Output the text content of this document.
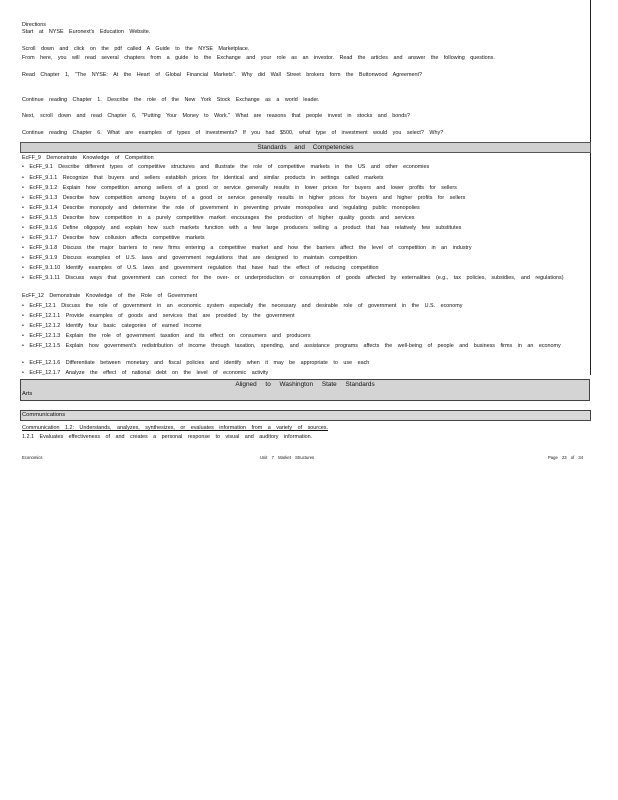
Directions
Start at NYSE Euronext's Education Website.
Scroll down and click on the pdf called A Guide to the NYSE Marketplace.
From here, you will read several chapters from a guide to the Exchange and your role as an investor. Read the articles and answer the following questions.
Read Chapter 1, "The NYSE: At the Heart of Global Financial Markets". Why did Wall Street brokers form the Buttonwood Agreement?
Continue reading Chapter 1. Describe the role of the New York Stock Exchange as a world leader.
Next, scroll down and read Chapter 6, "Putting Your Money to Work." What are reasons that people invest in stocks and bonds?
Continue reading Chapter 6. What are examples of types of investments? If you had $500, what type of investment would you select? Why?
Standards and Competencies
EcFF_9 Demonstrate Knowledge of Competition
• EcFF_9.1 Describe different types of competitive structures and illustrate the role of competitive markets in the US and other economies
• EcFF_9.1.1 Recognize that buyers and sellers establish prices for identical and similar products in settings called markets
• EcFF_9.1.2 Explain how competition among sellers of a good or service generally results in lower prices for buyers and lower profits for sellers
• EcFF_9.1.3 Describe how competition among buyers of a good or service generally results in higher prices for buyers and higher profits for sellers
• EcFF_9.1.4 Describe monopoly and determine the role of government in preventing private monopolies and regulating public monopolies
• EcFF_9.1.5 Describe how competition in a purely competitive market encourages the production of higher quality goods and services
• EcFF_9.1.6 Define oligopoly and explain how such markets function with a few large producers selling a product that has relatively few substitutes
• EcFF_9.1.7 Describe how collusion affects competitive markets
• EcFF_9.1.8 Discuss the major barriers to new firms entering a competitive market and how the barriers affect the level of competition in an industry
• EcFF_9.1.9 Discuss examples of U.S. laws and government regulations that are designed to maintain competition
• EcFF_9.1.10 Identify examples of U.S. laws and government regulation that have had the effect of reducing competition
• EcFF_9.1.11 Discuss ways that government can correct for the over- or underproduction or consumption of goods affected by externalities (e.g., tax policies, subsidies, and regulations)
EcFF_12 Demonstrate Knowledge of the Role of Government
• EcFF_12.1 Discuss the role of government in an economic system especially the necessary and desirable role of government in the U.S. economy
• EcFF_12.1.1 Provide examples of goods and services that are provided by the government
• EcFF_12.1.2 Identify four basic categories of earned income
• EcFF_12.1.3 Explain the role of government taxation and its effect on consumers and producers
• EcFF_12.1.5 Explain how government's redistribution of income through taxation, spending, and assistance programs affects the well-being of people and business firms in an economy
• EcFF_12.1.6 Differentiate between monetary and fiscal policies and identify when it may be appropriate to use each
• EcFF_12.1.7 Analyze the effect of national debt on the level of economic activity
Aligned to Washington State Standards
Arts
Communications
Communication 1.2: Understands, analyzes, synthesizes, or evaluates information from a variety of sources.
1.2.1 Evaluates effectiveness of and creates a personal response to visual and auditory information.
Economics	Unit 7 Market Structures	Page 23 of 34
